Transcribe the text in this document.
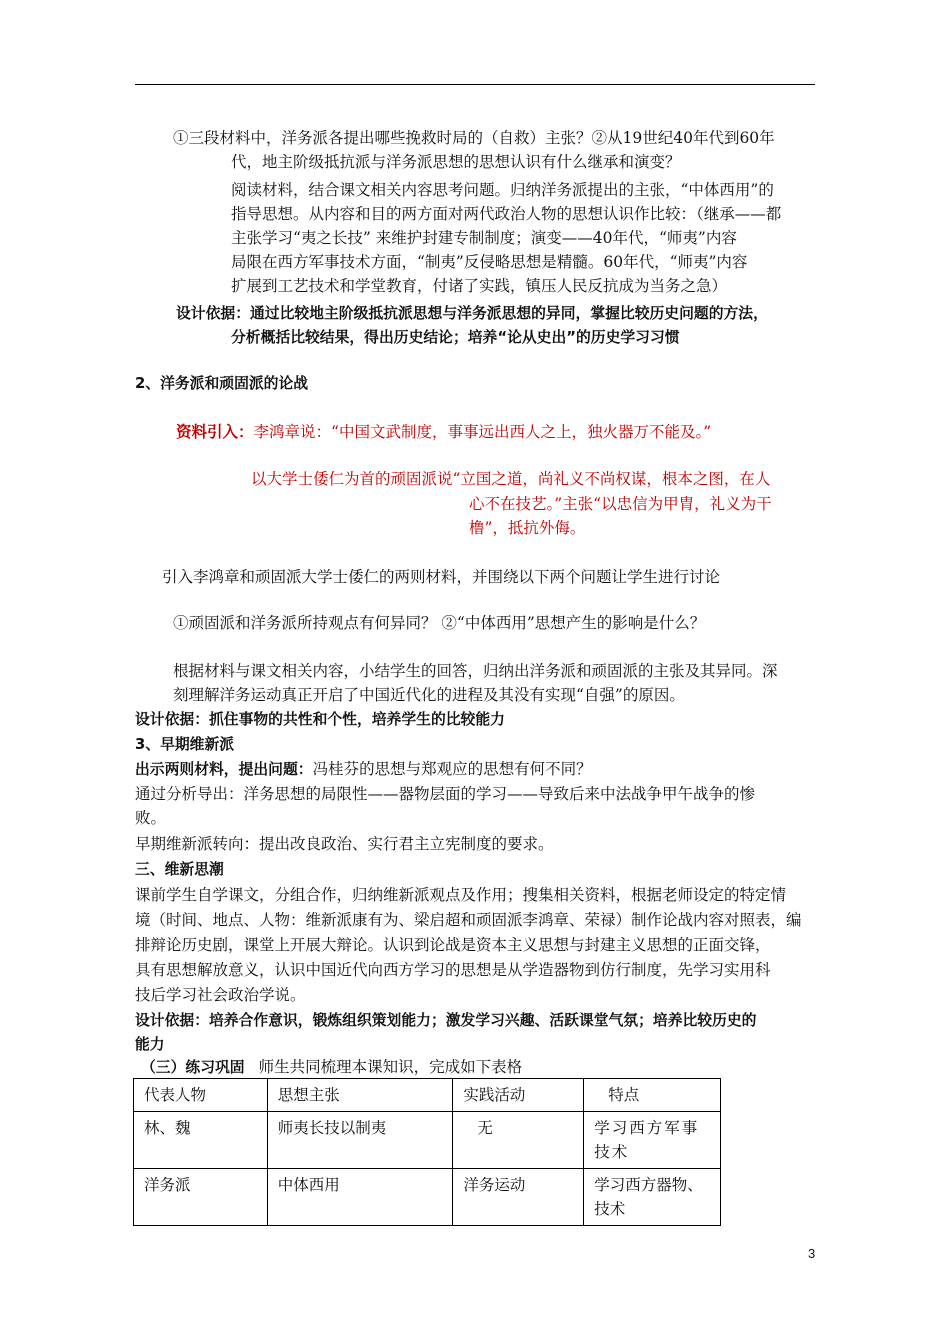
①三段材料中，洋务派各提出哪些挽救时局的（自救）主张？②从19世纪40年代到60年
代，地主阶级抵抗派与洋务派思想的思想认识有什么继承和演变？
阅读材料，结合课文相关内容思考问题。归纳洋务派提出的主张，“中体西用”的
指导思想。从内容和目的两方面对两代政治人物的思想认识作比较：（继承——都
主张学习“夷之长技” 来维护封建专制制度；演变——40年代，“师夷”内容
局限在西方军事技术方面，“制夷”反侵略思想是精髓。60年代，“师夷”内容
扩展到工艺技术和学堂教育，付诸了实践，镇压人民反抗成为当务之急）
设计依据：通过比较地主阶级抵抗派思想与洋务派思想的异同，掌握比较历史问题的方法，
分析概括比较结果，得出历史结论；培养“论从史出”的历史学习习惯
2、洋务派和顽固派的论战
资料引入：李鸿章说：“中国文武制度，事事远出西人之上，独火器万不能及。”
以大学士倭仁为首的顽固派说“立国之道，尚礼义不尚权谋，根本之图，在人
心不在技艺。”主张“以忠信为甲胄，礼义为干
橹”，抵抗外侮。
引入李鸿章和顽固派大学士倭仁的两则材料，并围绕以下两个问题让学生进行讨论
①顽固派和洋务派所持观点有何异同？ ②“中体西用”思想产生的影响是什么？
根据材料与课文相关内容，小结学生的回答，归纳出洋务派和顽固派的主张及其异同。深
刻理解洋务运动真正开启了中国近代化的进程及其没有实现“自强”的原因。
设计依据：抓住事物的共性和个性，培养学生的比较能力
3、早期维新派
出示两则材料，提出问题：冯桂芬的思想与郑观应的思想有何不同？
通过分析导出：洋务思想的局限性——器物层面的学习——导致后来中法战争甲午战争的惨
败。
早期维新派转向：提出改良政治、实行君主立宪制度的要求。
三、维新思潮
课前学生自学课文，分组合作，归纳维新派观点及作用；搜集相关资料，根据老师设定的特定情
境（时间、地点、人物：维新派康有为、梁启超和顽固派李鸿章、荣禄）制作论战内容对照表，编
排辩论历史剧，课堂上开展大辩论。认识到论战是资本主义思想与封建主义思想的正面交锋，
具有思想解放意义，认识中国近代向西方学习的思想是从学造器物到仿行制度，先学习实用科
技后学习社会政治学说。
设计依据：培养合作意识，锻炼组织策划能力；激发学习兴趣、活跃课堂气氛；培养比较历史的
能力
（三）练习巩固 师生共同梳理本课知识，完成如下表格
代表人物	思想主张	实践活动	特点
林、魏	师夷长技以制夷	无	学习西方军事技术
洋务派	中体西用	洋务运动	学习西方器物、技术
3
